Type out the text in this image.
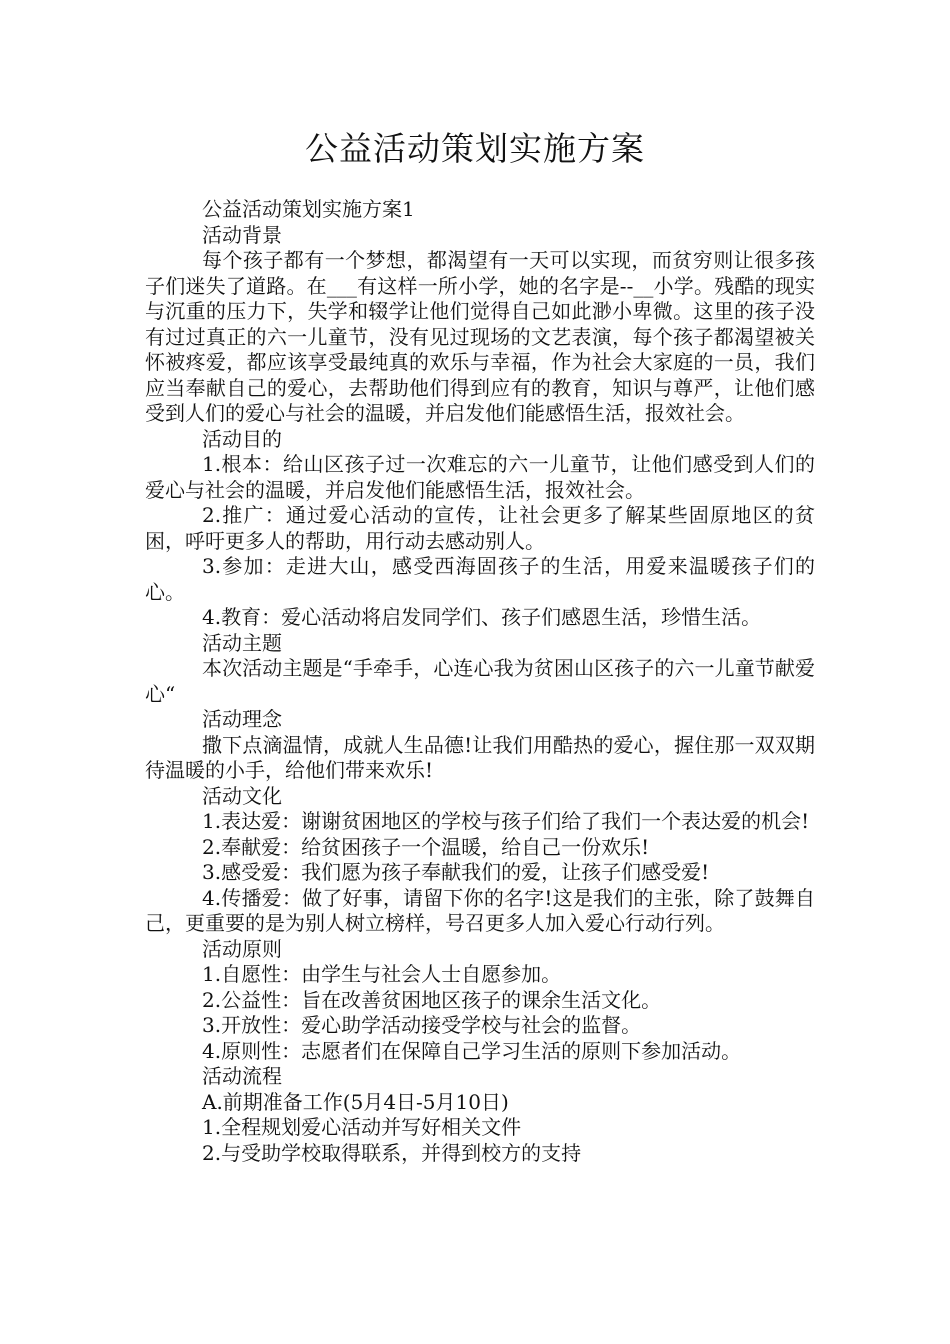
公益活动策划实施方案

公益活动策划实施方案1

活动背景

每个孩子都有一个梦想，都渴望有一天可以实现，而贫穷则让很多孩子们迷失了道路。在___有这样一所小学，她的名字是--__小学。残酷的现实与沉重的压力下，失学和辍学让他们觉得自己如此渺小卑微。这里的孩子没有过过真正的六一儿童节，没有见过现场的文艺表演，每个孩子都渴望被关怀被疼爱，都应该享受最纯真的欢乐与幸福，作为社会大家庭的一员，我们应当奉献自己的爱心，去帮助他们得到应有的教育，知识与尊严，让他们感受到人们的爱心与社会的温暖，并启发他们能感悟生活，报效社会。

活动目的

1.根本：给山区孩子过一次难忘的六一儿童节，让他们感受到人们的爱心与社会的温暖，并启发他们能感悟生活，报效社会。

2.推广：通过爱心活动的宣传，让社会更多了解某些固原地区的贫困，呼吁更多人的帮助，用行动去感动别人。

3.参加：走进大山，感受西海固孩子的生活，用爱来温暖孩子们的心。

4.教育：爱心活动将启发同学们、孩子们感恩生活，珍惜生活。

活动主题

本次活动主题是“手牵手，心连心我为贫困山区孩子的六一儿童节献爱心“

活动理念

撒下点滴温情，成就人生品德!让我们用酷热的爱心，握住那一双双期待温暖的小手，给他们带来欢乐!

活动文化

1.表达爱：谢谢贫困地区的学校与孩子们给了我们一个表达爱的机会!

2.奉献爱：给贫困孩子一个温暖，给自己一份欢乐!

3.感受爱：我们愿为孩子奉献我们的爱，让孩子们感受爱!

4.传播爱：做了好事，请留下你的名字!这是我们的主张，除了鼓舞自己，更重要的是为别人树立榜样，号召更多人加入爱心行动行列。

活动原则

1.自愿性：由学生与社会人士自愿参加。

2.公益性：旨在改善贫困地区孩子的课余生活文化。

3.开放性：爱心助学活动接受学校与社会的监督。

4.原则性：志愿者们在保障自己学习生活的原则下参加活动。

活动流程

A.前期准备工作(5月4日-5月10日)

1.全程规划爱心活动并写好相关文件

2.与受助学校取得联系，并得到校方的支持
